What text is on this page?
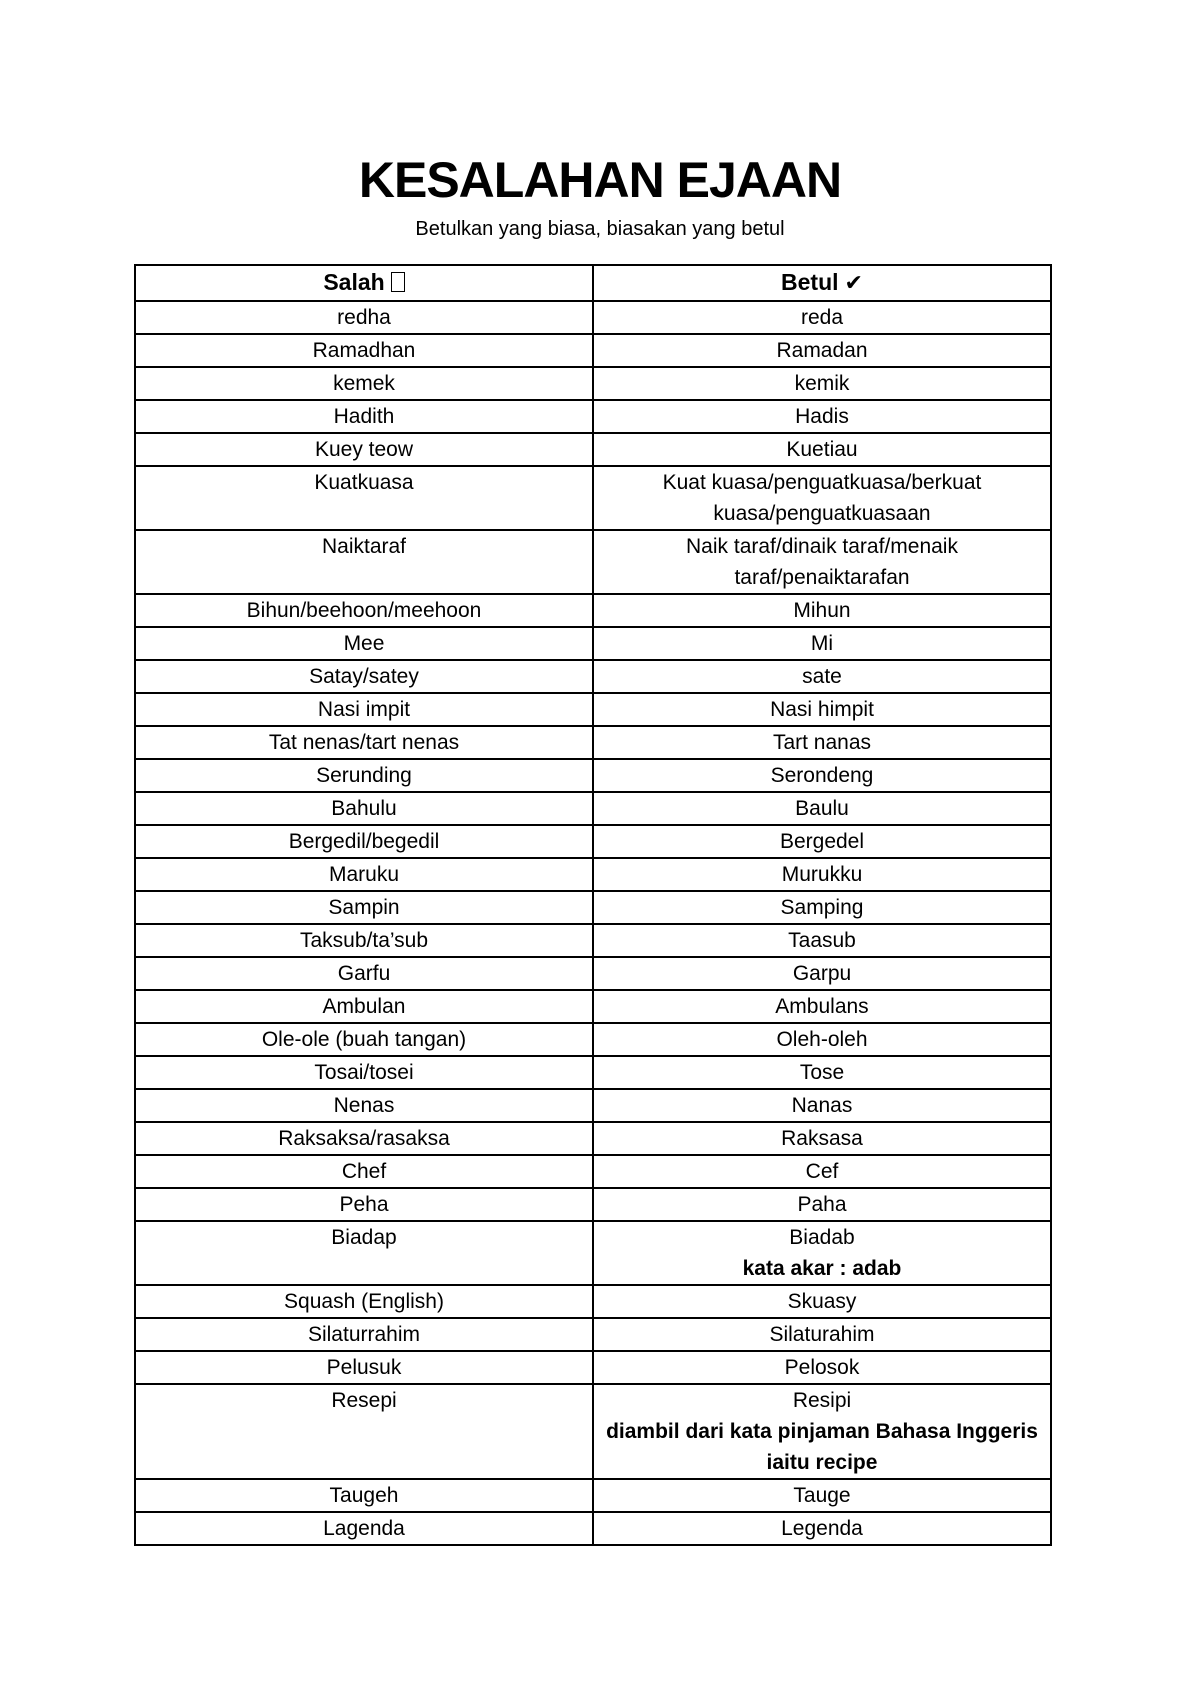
KESALAHAN EJAAN
Betulkan yang biasa, biasakan yang betul
Salah	Betul ✔
redha	reda

Ramadhan	Ramadan

kemek	kemik

Hadith	Hadis

Kuey teow	Kuetiau

Kuatkuasa	Kuat kuasa/penguatkuasa/berkuat kuasa/penguatkuasaan

Naiktaraf	Naik taraf/dinaik taraf/menaik taraf/penaiktarafan

Bihun/beehoon/meehoon	Mihun

Mee	Mi

Satay/satey	sate

Nasi impit	Nasi himpit

Tat nenas/tart nenas	Tart nanas

Serunding	Serondeng

Bahulu	Baulu

Bergedil/begedil	Bergedel

Maruku	Murukku

Sampin	Samping

Taksub/ta’sub	Taasub

Garfu	Garpu

Ambulan	Ambulans

Ole-ole (buah tangan)	Oleh-oleh

Tosai/tosei	Tose

Nenas	Nanas

Raksaksa/rasaksa	Raksasa

Chef	Cef

Peha	Paha

Biadap	Biadab
kata akar : adab

Squash (English)	Skuasy

Silaturrahim	Silaturahim

Pelusuk	Pelosok

Resepi	Resipi
diambil dari kata pinjaman Bahasa Inggeris iaitu recipe

Taugeh	Tauge

Lagenda	Legenda
